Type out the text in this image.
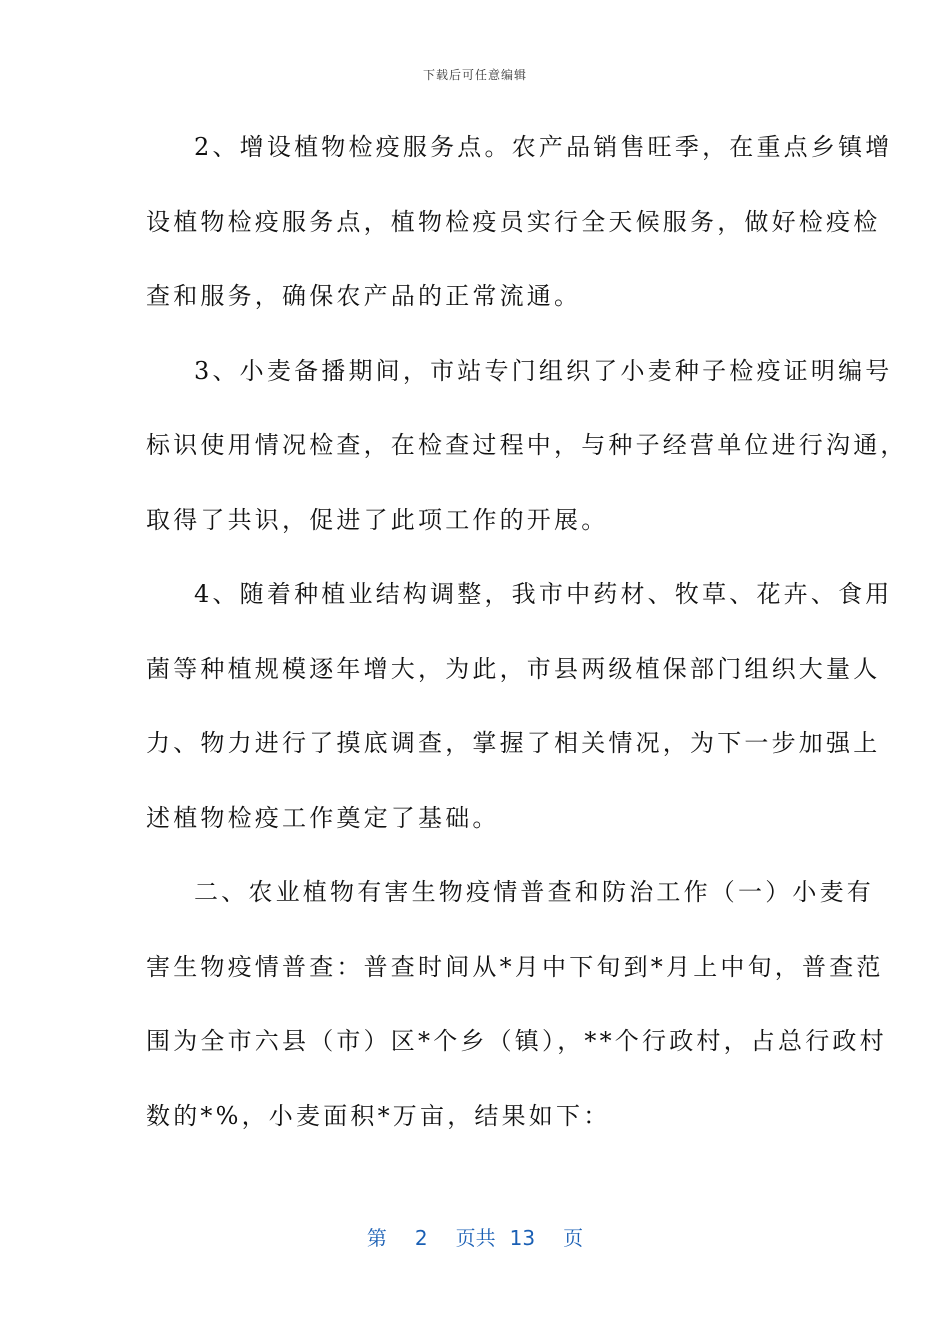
下载后可任意编辑
2、增设植物检疫服务点。农产品销售旺季，在重点乡镇增
设植物检疫服务点，植物检疫员实行全天候服务，做好检疫检
查和服务，确保农产品的正常流通。
3、小麦备播期间，市站专门组织了小麦种子检疫证明编号
标识使用情况检查，在检查过程中，与种子经营单位进行沟通，
取得了共识，促进了此项工作的开展。
4、随着种植业结构调整，我市中药材、牧草、花卉、食用
菌等种植规模逐年增大，为此，市县两级植保部门组织大量人
力、物力进行了摸底调查，掌握了相关情况，为下一步加强上
述植物检疫工作奠定了基础。
二、农业植物有害生物疫情普查和防治工作（一）小麦有
害生物疫情普查：普查时间从*月中下旬到*月上中旬，普查范
围为全市六县（市）区*个乡（镇），**个行政村，占总行政村
数的*%，小麦面积*万亩，结果如下：
第 2 页共 13 页
